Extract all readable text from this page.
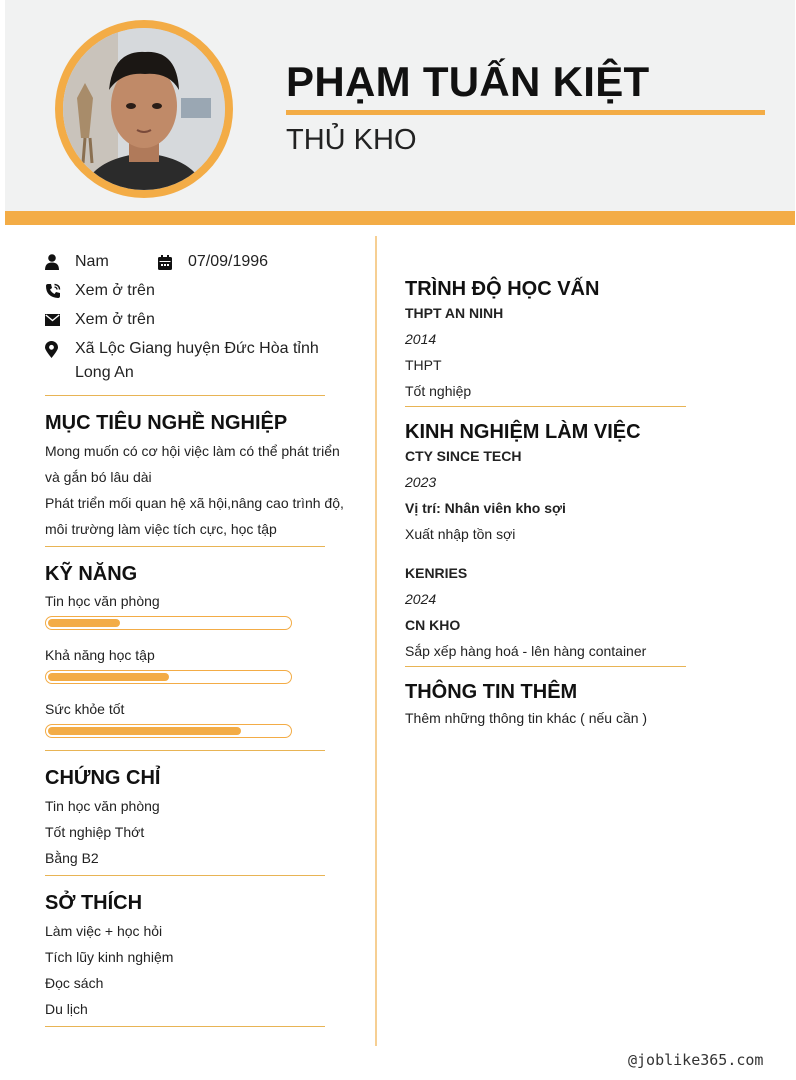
PHẠM TUẤN KIỆT
THỦ KHO
Nam	07/09/1996
Xem ở trên
Xem ở trên
Xã Lộc Giang huyện Đức Hòa tỉnh Long An
MỤC TIÊU NGHỀ NGHIỆP
Mong muốn có cơ hội việc làm có thể phát triển và gắn bó lâu dài
Phát triển mối quan hệ xã hội,nâng cao trình độ, môi trường làm việc tích cực, học tập
KỸ NĂNG
Tin học văn phòng
Khả năng học tập
Sức khỏe tốt
CHỨNG CHỈ
Tin học văn phòng
Tốt nghiệp Thớt
Bằng B2
SỞ THÍCH
Làm việc + học hỏi
Tích lũy kinh nghiệm
Đọc sách
Du lịch
TRÌNH ĐỘ HỌC VẤN
THPT AN NINH
2014
THPT
Tốt nghiệp
KINH NGHIỆM LÀM VIỆC
CTY SINCE TECH
2023
Vị trí: Nhân viên kho sợi
Xuất nhập tồn sợi
KENRIES
2024
CN KHO
Sắp xếp hàng hoá - lên hàng container
THÔNG TIN THÊM
Thêm những thông tin khác ( nếu cần )
@joblike365.com
